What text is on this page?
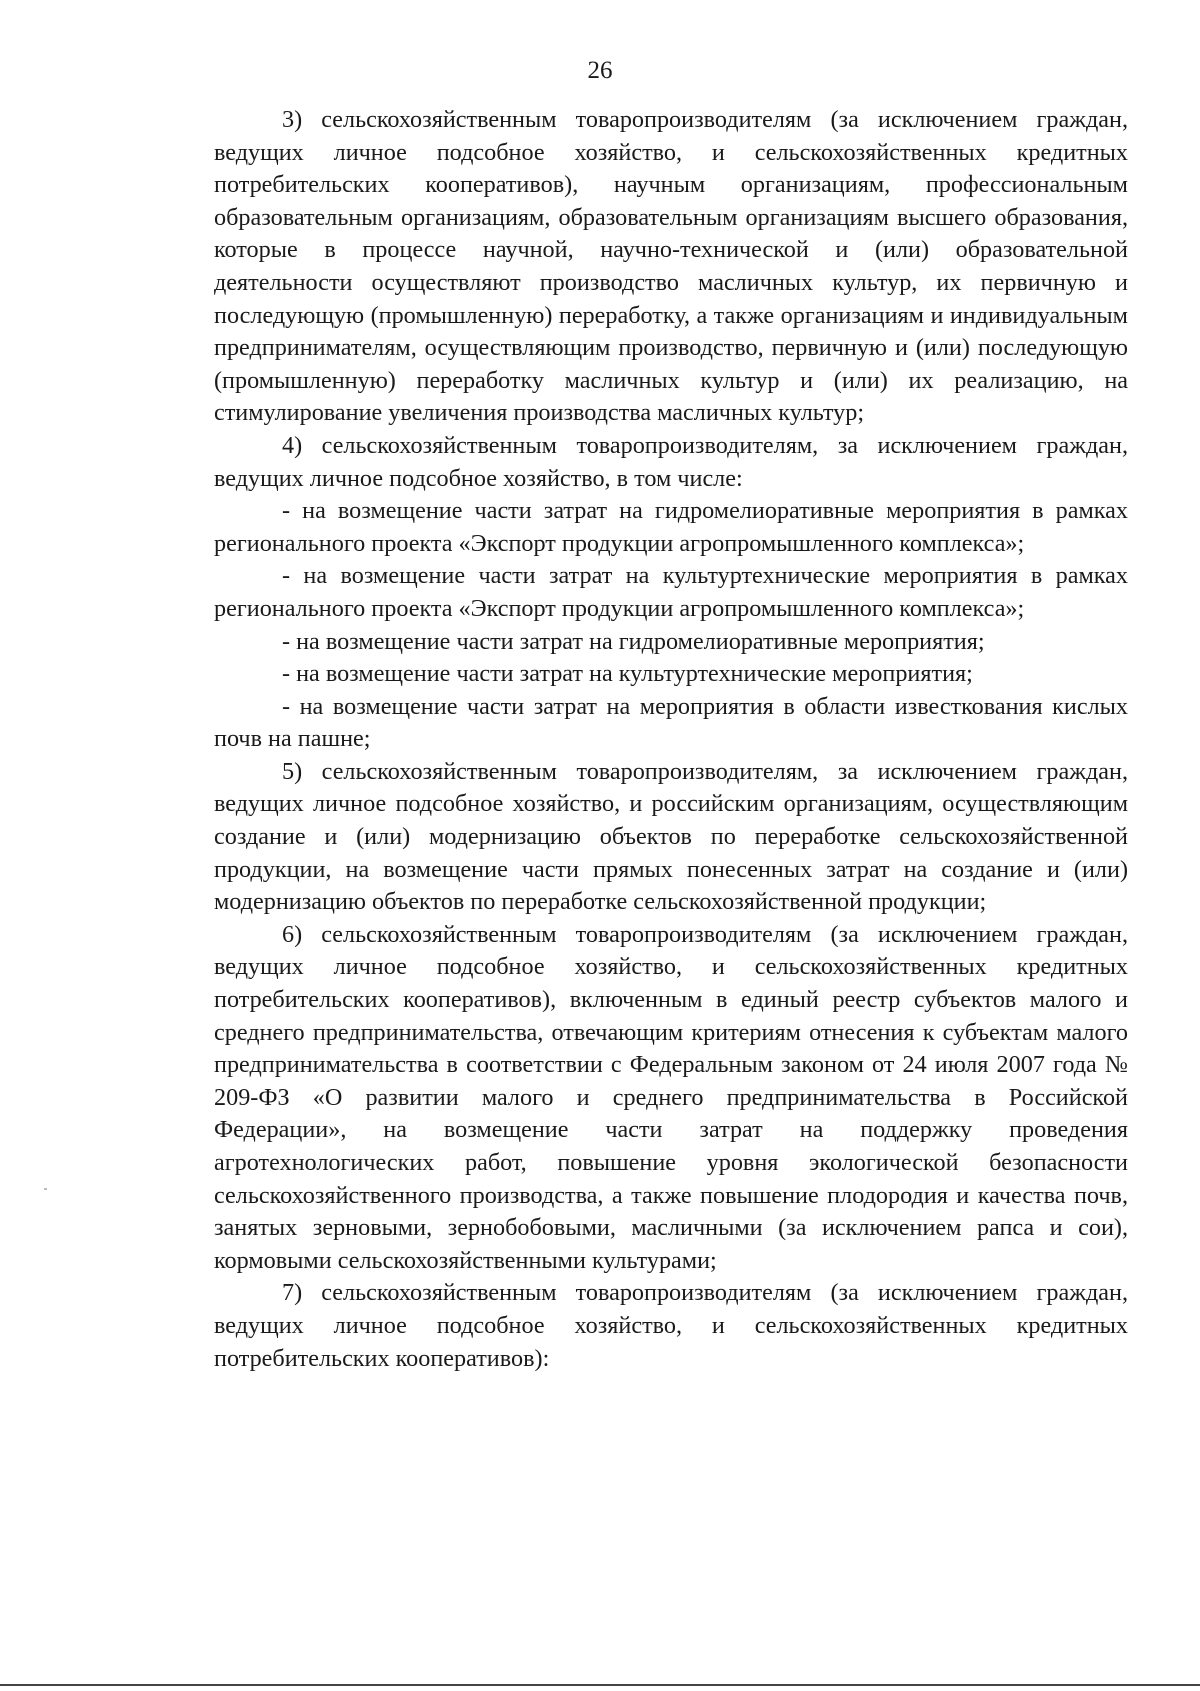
26

3) сельскохозяйственным товаропроизводителям (за исключением граждан, ведущих личное подсобное хозяйство, и сельскохозяйственных кредитных потребительских кооперативов), научным организациям, профессиональным образовательным организациям, образовательным организациям высшего образования, которые в процессе научной, научно-технической и (или) образовательной деятельности осуществляют производство масличных культур, их первичную и последующую (промышленную) переработку, а также организациям и индивидуальным предпринимателям, осуществляющим производство, первичную и (или) последующую (промышленную) переработку масличных культур и (или) их реализацию, на стимулирование увеличения производства масличных культур;

4) сельскохозяйственным товаропроизводителям, за исключением граждан, ведущих личное подсобное хозяйство, в том числе:

- на возмещение части затрат на гидромелиоративные мероприятия в рамках регионального проекта «Экспорт продукции агропромышленного комплекса»;

- на возмещение части затрат на культуртехнические мероприятия в рамках регионального проекта «Экспорт продукции агропромышленного комплекса»;

- на возмещение части затрат на гидромелиоративные мероприятия;

- на возмещение части затрат на культуртехнические мероприятия;

- на возмещение части затрат на мероприятия в области известкования кислых почв на пашне;

5) сельскохозяйственным товаропроизводителям, за исключением граждан, ведущих личное подсобное хозяйство, и российским организациям, осуществляющим создание и (или) модернизацию объектов по переработке сельскохозяйственной продукции, на возмещение части прямых понесенных затрат на создание и (или) модернизацию объектов по переработке сельскохозяйственной продукции;

6) сельскохозяйственным товаропроизводителям (за исключением граждан, ведущих личное подсобное хозяйство, и сельскохозяйственных кредитных потребительских кооперативов), включенным в единый реестр субъектов малого и среднего предпринимательства, отвечающим критериям отнесения к субъектам малого предпринимательства в соответствии с Федеральным законом от 24 июля 2007 года № 209-ФЗ «О развитии малого и среднего предпринимательства в Российской Федерации», на возмещение части затрат на поддержку проведения агротехнологических работ, повышение уровня экологической безопасности сельскохозяйственного производства, а также повышение плодородия и качества почв, занятых зерновыми, зернобобовыми, масличными (за исключением рапса и сои), кормовыми сельскохозяйственными культурами;

7) сельскохозяйственным товаропроизводителям (за исключением граждан, ведущих личное подсобное хозяйство, и сельскохозяйственных кредитных потребительских кооперативов):
